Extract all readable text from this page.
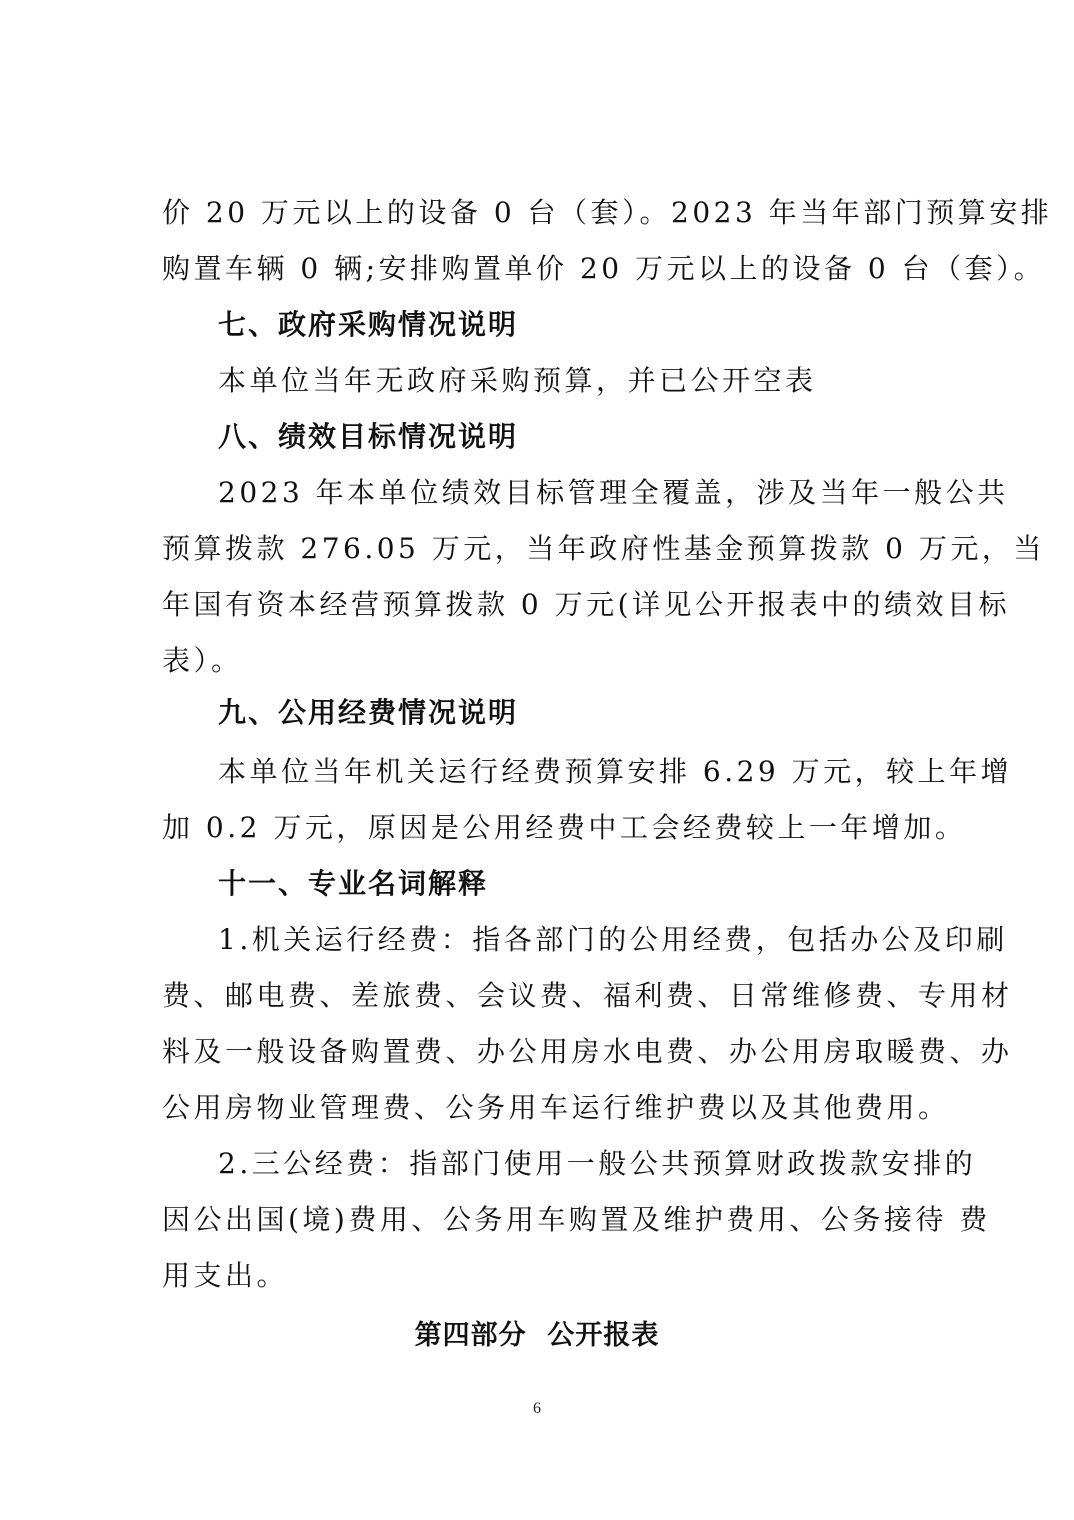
价 20 万元以上的设备 0 台（套）。2023 年当年部门预算安排
购置车辆 0 辆;安排购置单价 20 万元以上的设备 0 台（套）。
七、政府采购情况说明
本单位当年无政府采购预算，并已公开空表
八、绩效目标情况说明
2023 年本单位绩效目标管理全覆盖，涉及当年一般公共
预算拨款 276.05 万元，当年政府性基金预算拨款 0 万元，当
年国有资本经营预算拨款 0 万元(详见公开报表中的绩效目标
表）。
九、公用经费情况说明
本单位当年机关运行经费预算安排 6.29 万元，较上年增
加 0.2 万元，原因是公用经费中工会经费较上一年增加。
十一、专业名词解释
1.机关运行经费：指各部门的公用经费，包括办公及印刷
费、邮电费、差旅费、会议费、福利费、日常维修费、专用材
料及一般设备购置费、办公用房水电费、办公用房取暖费、办
公用房物业管理费、公务用车运行维护费以及其他费用。
2.三公经费：指部门使用一般公共预算财政拨款安排的
因公出国(境)费用、公务用车购置及维护费用、公务接待 费
用支出。
第四部分  公开报表
6
